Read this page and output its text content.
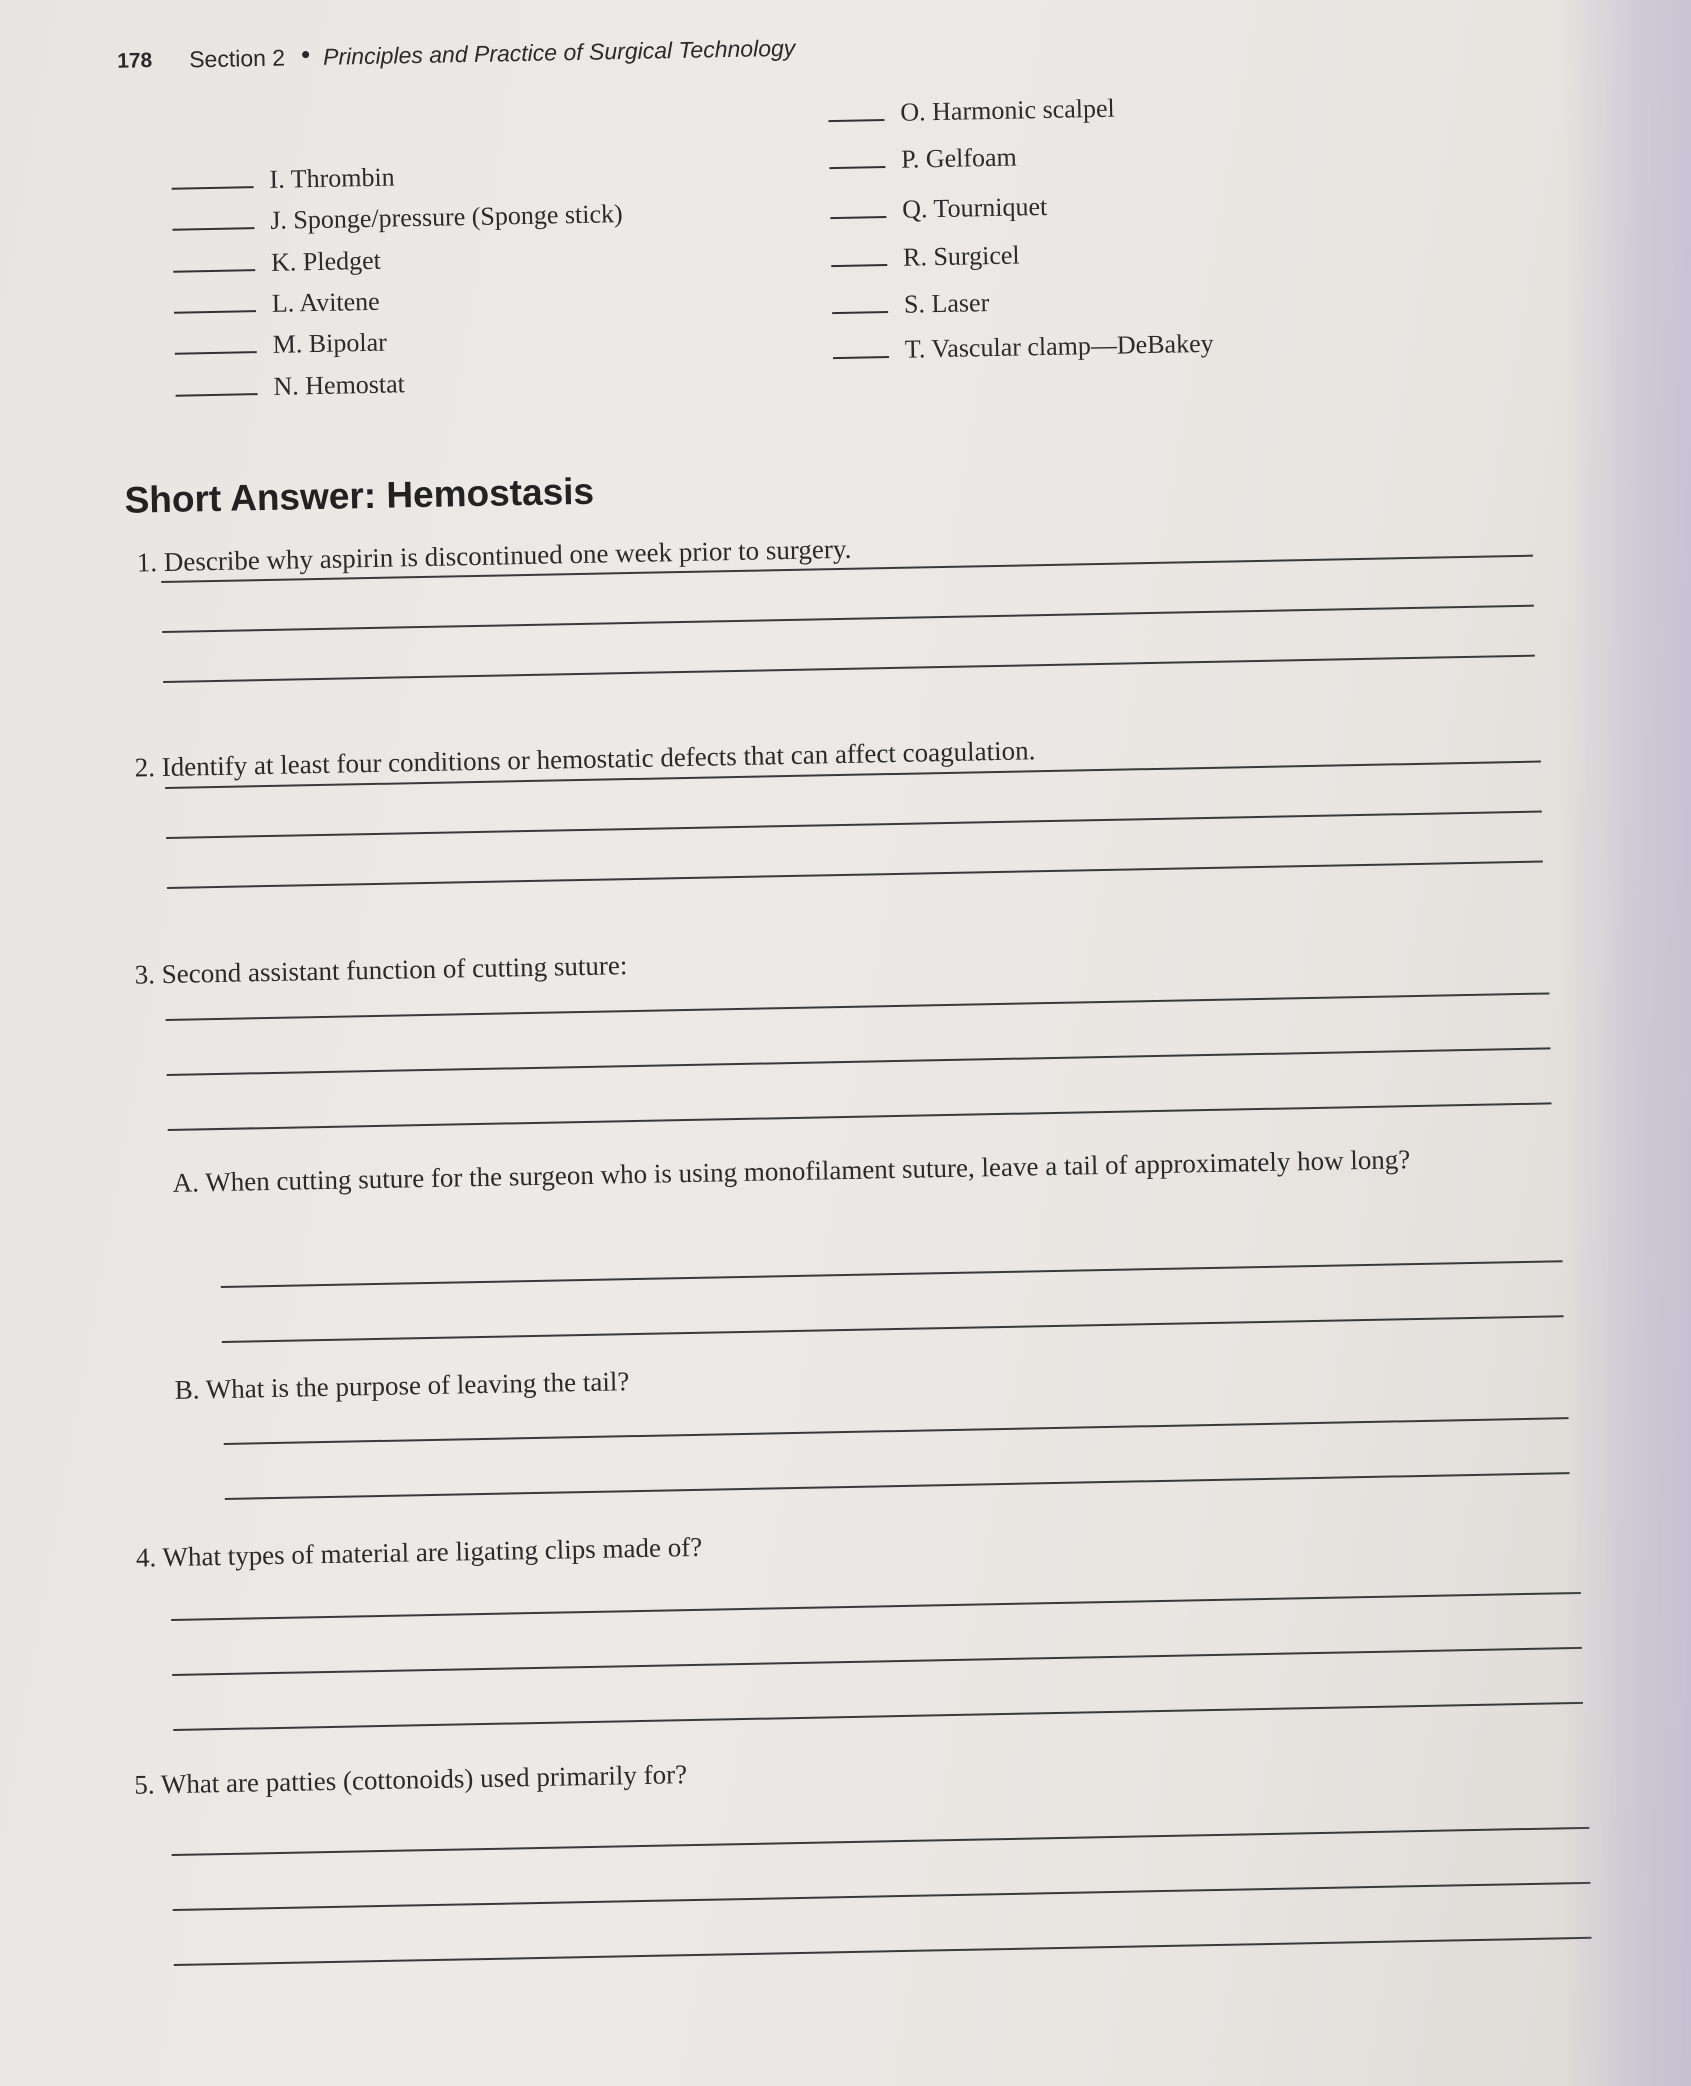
178 Section 2 • Principles and Practice of Surgical Technology
I. Thrombin
J. Sponge/pressure (Sponge stick)
K. Pledget
L. Avitene
M. Bipolar
N. Hemostat
O. Harmonic scalpel
P. Gelfoam
Q. Tourniquet
R. Surgicel
S. Laser
T. Vascular clamp—DeBakey
Short Answer: Hemostasis
1. Describe why aspirin is discontinued one week prior to surgery.
2. Identify at least four conditions or hemostatic defects that can affect coagulation.
3. Second assistant function of cutting suture:
A. When cutting suture for the surgeon who is using monofilament suture, leave a tail of approximately how long?
B. What is the purpose of leaving the tail?
4. What types of material are ligating clips made of?
5. What are patties (cottonoids) used primarily for?
